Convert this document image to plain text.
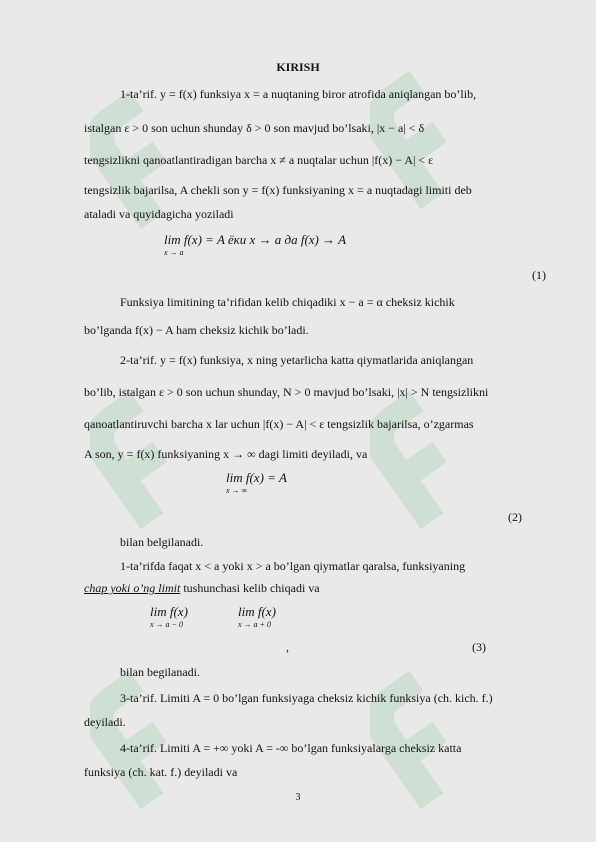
KIRISH
1-ta’rif. y = f(x) funksiya x = a nuqtaning biror atrofida aniqlangan bo’lib,
istalgan ε > 0 son uchun shunday δ > 0 son mavjud bo’lsaki, |x − a| < δ
tengsizlikni qanoatlantiradigan barcha x ≠ a nuqtalar uchun |f(x) − A| < ε
tengsizlik bajarilsa, A chekli son y = f(x) funksiyaning x = a nuqtadagi limiti deb
ataladi va quyidagicha yoziladi
lim f(x) = A ёки x → a да f(x) → A
x → a
(1)
Funksiya limitining ta’rifidan kelib chiqadiki x − a = α cheksiz kichik
bo’lganda f(x) − A ham cheksiz kichik bo’ladi.
2-ta’rif. y = f(x) funksiya, x ning yetarlicha katta qiymatlarida aniqlangan
bo’lib, istalgan ε > 0 son uchun shunday, N > 0 mavjud bo’lsaki, |x| > N tengsizlikni
qanoatlantiruvchi barcha x lar uchun |f(x) − A| < ε tengsizlik bajarilsa, o’zgarmas
A son, y = f(x) funksiyaning x → ∞ dagi limiti deyiladi, va
lim f(x) = A
x → ∞
(2)
bilan belgilanadi.
1-ta’rifda faqat x < a yoki x > a bo’lgan qiymatlar qaralsa, funksiyaning
chap yoki o’ng limit tushunchasi kelib chiqadi va
lim f(x)
x → a − 0
lim f(x)
x → a + 0
,	(3)
bilan begilanadi.
3-ta’rif. Limiti A = 0 bo’lgan funksiyaga cheksiz kichik funksiya (ch. kich. f.)
deyiladi.
4-ta’rif. Limiti A = +∞ yoki A = -∞ bo’lgan funksiyalarga cheksiz katta
funksiya (ch. kat. f.) deyiladi va
3
